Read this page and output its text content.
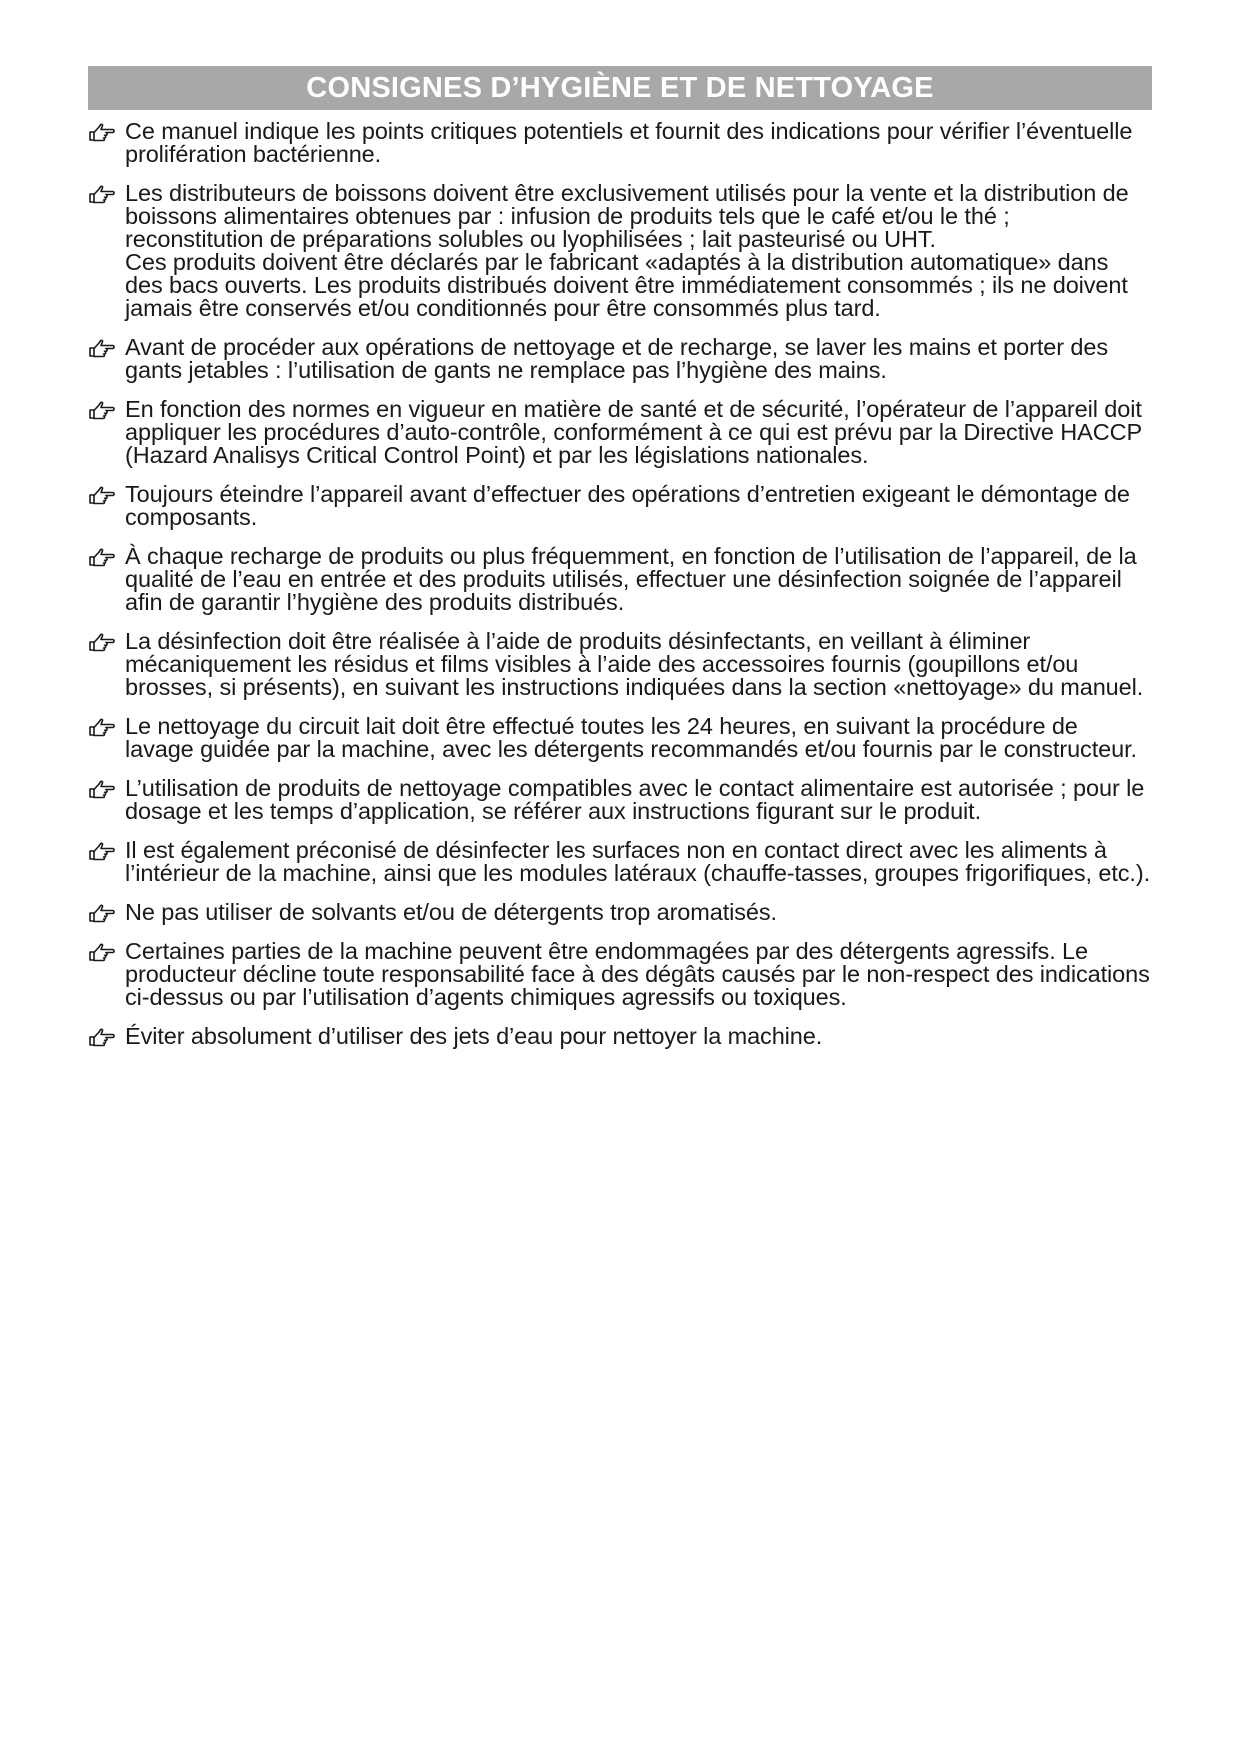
CONSIGNES D’HYGIÈNE ET DE NETTOYAGE

Ce manuel indique les points critiques potentiels et fournit des indications pour vérifier l’éventuelle prolifération bactérienne.

Les distributeurs de boissons doivent être exclusivement utilisés pour la vente et la distribution de boissons alimentaires obtenues par : infusion de produits tels que le café et/ou le thé ; reconstitution de préparations solubles ou lyophilisées ; lait pasteurisé ou UHT.

Ces produits doivent être déclarés par le fabricant «adaptés à la distribution automatique» dans des bacs ouverts. Les produits distribués doivent être immédiatement consommés ; ils ne doivent jamais être conservés et/ou conditionnés pour être consommés plus tard.

Avant de procéder aux opérations de nettoyage et de recharge, se laver les mains et porter des gants jetables : l’utilisation de gants ne remplace pas l’hygiène des mains.

En fonction des normes en vigueur en matière de santé et de sécurité, l’opérateur de l’appareil doit appliquer les procédures d’auto-contrôle, conformément à ce qui est prévu par la Directive HACCP (Hazard Analisys Critical Control Point) et par les législations nationales.

Toujours éteindre l’appareil avant d’effectuer des opérations d’entretien exigeant le démontage de composants.

À chaque recharge de produits ou plus fréquemment, en fonction de l’utilisation de l’appareil, de la qualité de l’eau en entrée et des produits utilisés, effectuer une désinfection soignée de l’appareil afin de garantir l’hygiène des produits distribués.

La désinfection doit être réalisée à l’aide de produits désinfectants, en veillant à éliminer mécaniquement les résidus et films visibles à l’aide des accessoires fournis (goupillons et/ou brosses, si présents), en suivant les instructions indiquées dans la section «nettoyage» du manuel.

Le nettoyage du circuit lait doit être effectué toutes les 24 heures, en suivant la procédure de lavage guidée par la machine, avec les détergents recommandés et/ou fournis par le constructeur.

L’utilisation de produits de nettoyage compatibles avec le contact alimentaire est autorisée ; pour le dosage et les temps d’application, se référer aux instructions figurant sur le produit.

Il est également préconisé de désinfecter les surfaces non en contact direct avec les aliments à l’intérieur de la machine, ainsi que les modules latéraux (chauffe-tasses, groupes frigorifiques, etc.).

Ne pas utiliser de solvants et/ou de détergents trop aromatisés.

Certaines parties de la machine peuvent être endommagées par des détergents agressifs. Le producteur décline toute responsabilité face à des dégâts causés par le non-respect des indications ci-dessus ou par l’utilisation d’agents chimiques agressifs ou toxiques.

Éviter absolument d’utiliser des jets d’eau pour nettoyer la machine.
